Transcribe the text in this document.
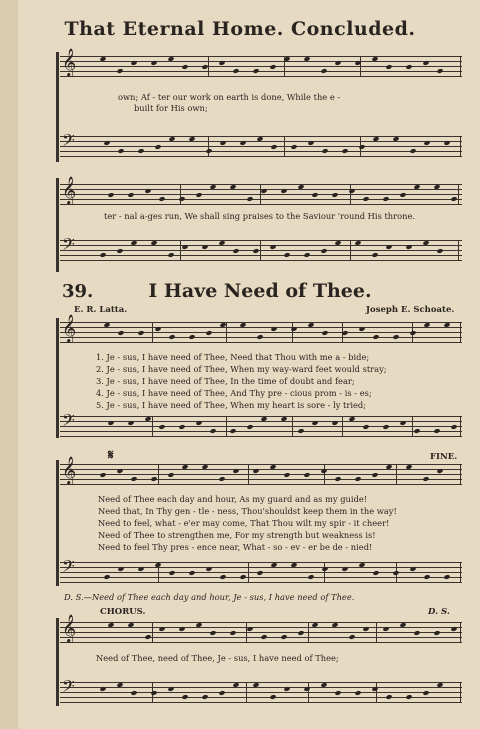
That Eternal Home. Concluded.
𝄞
own; Af - ter our work on earth is done, While the e -
built for His own;
𝄢
𝄞
ter - nal a-ges run, We shall sing praises to the Saviour 'round His throne.
𝄢
39.	I Have Need of Thee.
E. R. Latta.	Joseph E. Schoate.
𝄞
1. Je - sus, I have need of Thee, Need that Thou with me a - bide;
2. Je - sus, I have need of Thee, When my way-ward feet would stray;
3. Je - sus, I have need of Thee, In the time of doubt and fear;
4. Je - sus, I have need of Thee, And Thy pre - cious prom - is - es;
5. Je - sus, I have need of Thee, When my heart is sore - ly tried;
𝄢
𝄋	FINE.
𝄞
Need of Thee each day and hour, As my guard and as my guide!
Need that, In Thy gen - tle - ness, Thou'shouldst keep them in the way!
Need to feel, what - e'er may come, That Thou wilt my spir - it cheer!
Need of Thee to strengthen me, For my strength but weakness is!
Need to feel Thy pres - ence near, What - so - ev - er be de - nied!
𝄢
D. S.—Need of Thee each day and hour, Je - sus, I have need of Thee.
CHORUS.	D. S.
𝄞
Need of Thee, need of Thee, Je - sus, I have need of Thee;
𝄢
